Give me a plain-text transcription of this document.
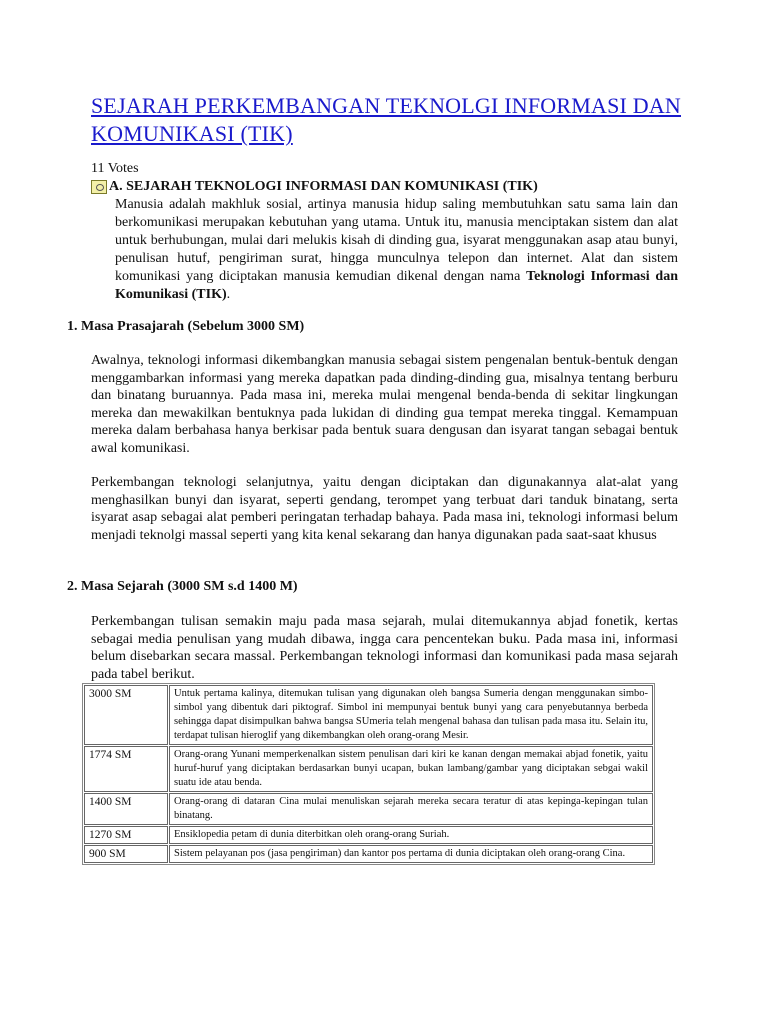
SEJARAH PERKEMBANGAN TEKNOLGI INFORMASI DAN KOMUNIKASI (TIK)
11 Votes
A. SEJARAH TEKNOLOGI INFORMASI DAN KOMUNIKASI (TIK)

Manusia adalah makhluk sosial, artinya manusia hidup saling membutuhkan satu sama lain dan berkomunikasi merupakan kebutuhan yang utama. Untuk itu, manusia menciptakan sistem dan alat untuk berhubungan, mulai dari melukis kisah di dinding gua, isyarat menggunakan asap atau bunyi, penulisan hutuf, pengiriman surat, hingga munculnya telepon dan internet. Alat dan sistem komunikasi yang diciptakan manusia kemudian dikenal dengan nama Teknologi Informasi dan Komunikasi (TIK).

1. Masa Prasajarah (Sebelum 3000 SM)

Awalnya, teknologi informasi dikembangkan manusia sebagai sistem pengenalan bentuk-bentuk dengan menggambarkan informasi yang mereka dapatkan pada dinding-dinding gua, misalnya tentang berburu dan binatang buruannya. Pada masa ini, mereka mulai mengenal benda-benda di sekitar lingkungan mereka dan mewakilkan bentuknya pada lukidan di dinding gua tempat mereka tinggal. Kemampuan mereka dalam berbahasa hanya berkisar pada bentuk suara dengusan dan isyarat tangan sebagai bentuk awal komunikasi.

Perkembangan teknologi selanjutnya, yaitu dengan diciptakan dan digunakannya alat-alat yang menghasilkan bunyi dan isyarat, seperti gendang, terompet yang terbuat dari tanduk binatang, serta isyarat asap sebagai alat pemberi peringatan terhadap bahaya. Pada masa ini, teknologi informasi belum menjadi teknolgi massal seperti yang kita kenal sekarang dan hanya digunakan pada saat-saat khusus

2. Masa Sejarah (3000 SM s.d 1400 M)

Perkembangan tulisan semakin maju pada masa sejarah, mulai ditemukannya abjad fonetik, kertas sebagai media penulisan yang mudah dibawa, ingga cara pencentekan buku. Pada masa ini, informasi belum disebarkan secara massal. Perkembangan teknologi informasi dan komunikasi pada masa sejarah pada tabel berikut.

3000 SM	Untuk pertama kalinya, ditemukan tulisan yang digunakan oleh bangsa Sumeria dengan menggunakan simbo-simbol yang dibentuk dari piktograf. Simbol ini mempunyai bentuk bunyi yang cara penyebutannya berbeda sehingga dapat disimpulkan bahwa bangsa SUmeria telah mengenal bahasa dan tulisan pada masa itu. Selain itu, terdapat tulisan hieroglif yang dikembangkan oleh orang-orang Mesir.
1774 SM	Orang-orang Yunani memperkenalkan sistem penulisan dari kiri ke kanan dengan memakai abjad fonetik, yaitu huruf-huruf yang diciptakan berdasarkan bunyi ucapan, bukan lambang/gambar yang diciptakan sebgai wakil suatu ide atau benda.
1400 SM	Orang-orang di dataran Cina mulai menuliskan sejarah mereka secara teratur di atas kepinga-kepingan tulan binatang.
1270 SM	Ensiklopedia petam di dunia diterbitkan oleh orang-orang Suriah.
900 SM	Sistem pelayanan pos (jasa pengiriman) dan kantor pos pertama di dunia diciptakan oleh orang-orang Cina.
